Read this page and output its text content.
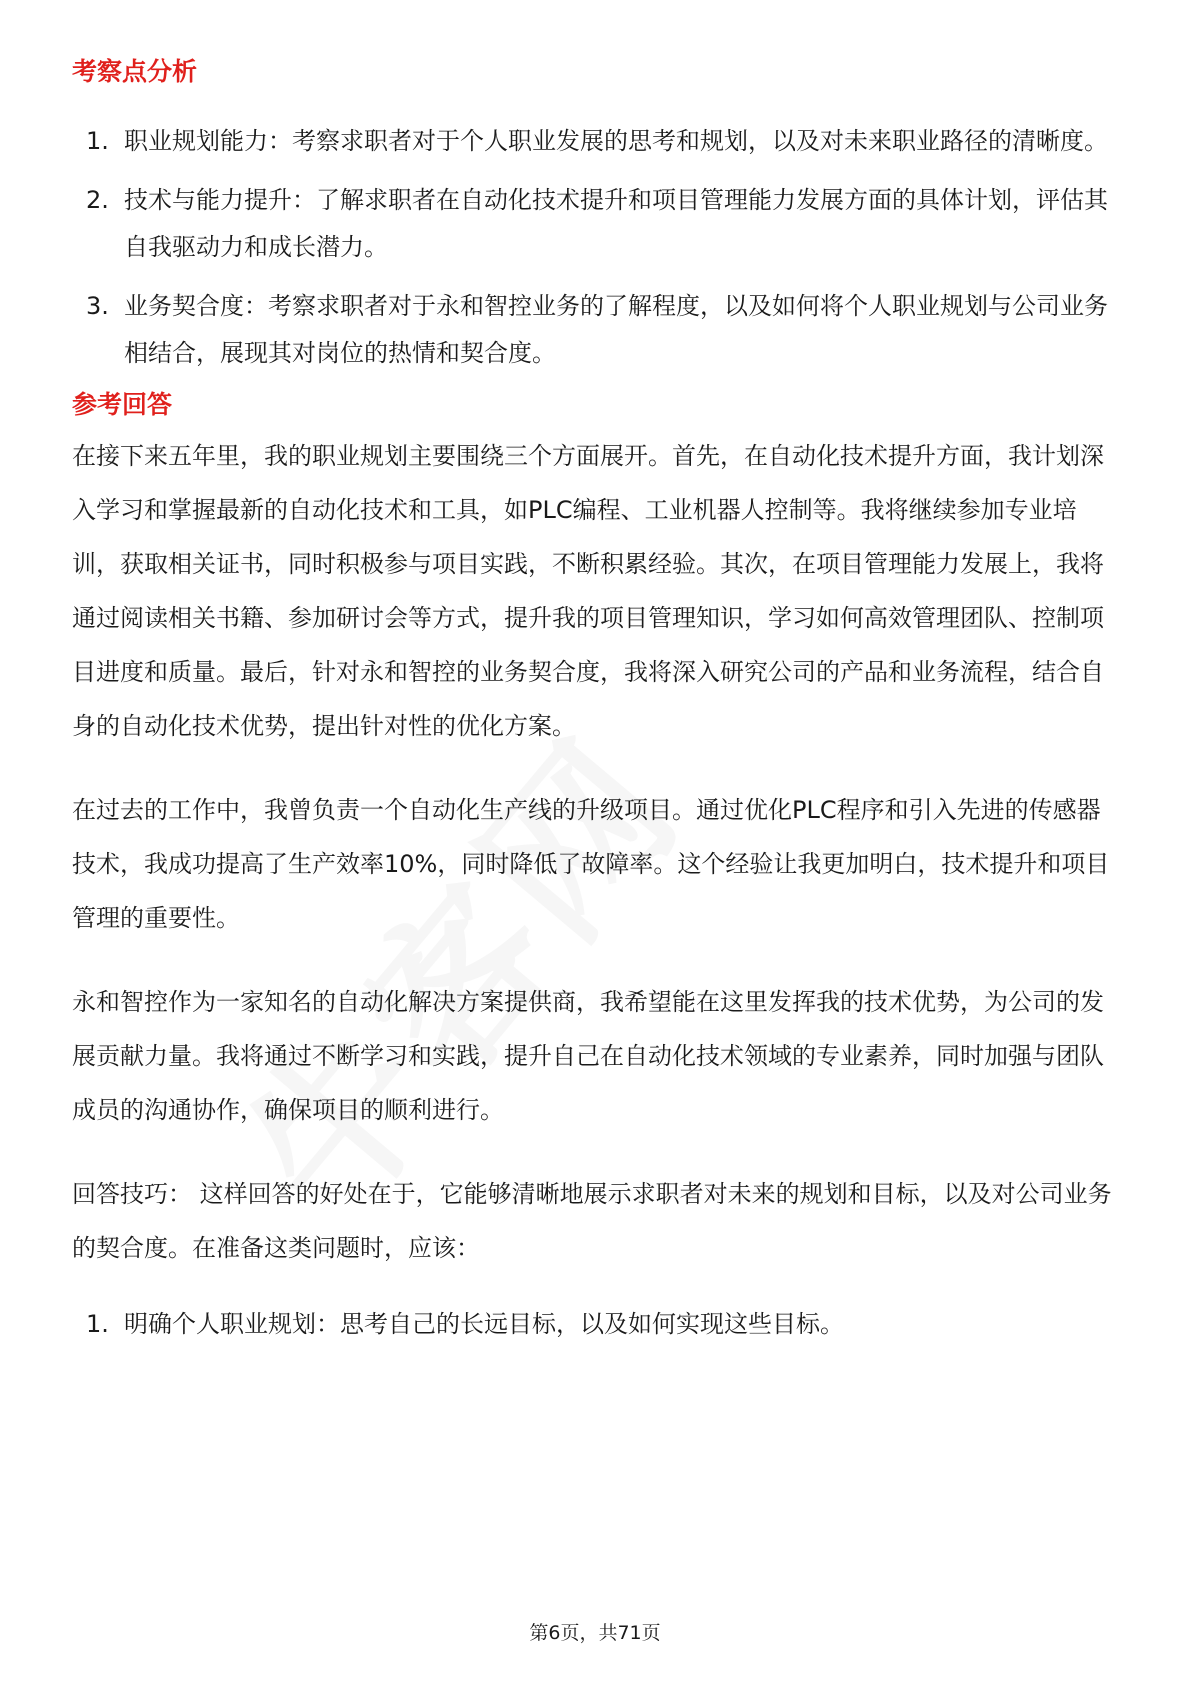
考察点分析
1. 职业规划能力：考察求职者对于个人职业发展的思考和规划，以及对未来职业路径的清晰度。
2. 技术与能力提升：了解求职者在自动化技术提升和项目管理能力发展方面的具体计划，评估其自我驱动力和成长潜力。
3. 业务契合度：考察求职者对于永和智控业务的了解程度，以及如何将个人职业规划与公司业务相结合，展现其对岗位的热情和契合度。
参考回答

在接下来五年里，我的职业规划主要围绕三个方面展开。首先，在自动化技术提升方面，我计划深入学习和掌握最新的自动化技术和工具，如PLC编程、工业机器人控制等。我将继续参加专业培训，获取相关证书，同时积极参与项目实践，不断积累经验。其次，在项目管理能力发展上，我将通过阅读相关书籍、参加研讨会等方式，提升我的项目管理知识，学习如何高效管理团队、控制项目进度和质量。最后，针对永和智控的业务契合度，我将深入研究公司的产品和业务流程，结合自身的自动化技术优势，提出针对性的优化方案。

在过去的工作中，我曾负责一个自动化生产线的升级项目。通过优化PLC程序和引入先进的传感器技术，我成功提高了生产效率10%，同时降低了故障率。这个经验让我更加明白，技术提升和项目管理的重要性。

永和智控作为一家知名的自动化解决方案提供商，我希望能在这里发挥我的技术优势，为公司的发展贡献力量。我将通过不断学习和实践，提升自己在自动化技术领域的专业素养，同时加强与团队成员的沟通协作，确保项目的顺利进行。

回答技巧： 这样回答的好处在于，它能够清晰地展示求职者对未来的规划和目标，以及对公司业务的契合度。在准备这类问题时，应该：

1. 明确个人职业规划：思考自己的长远目标，以及如何实现这些目标。
第6页，共71页
